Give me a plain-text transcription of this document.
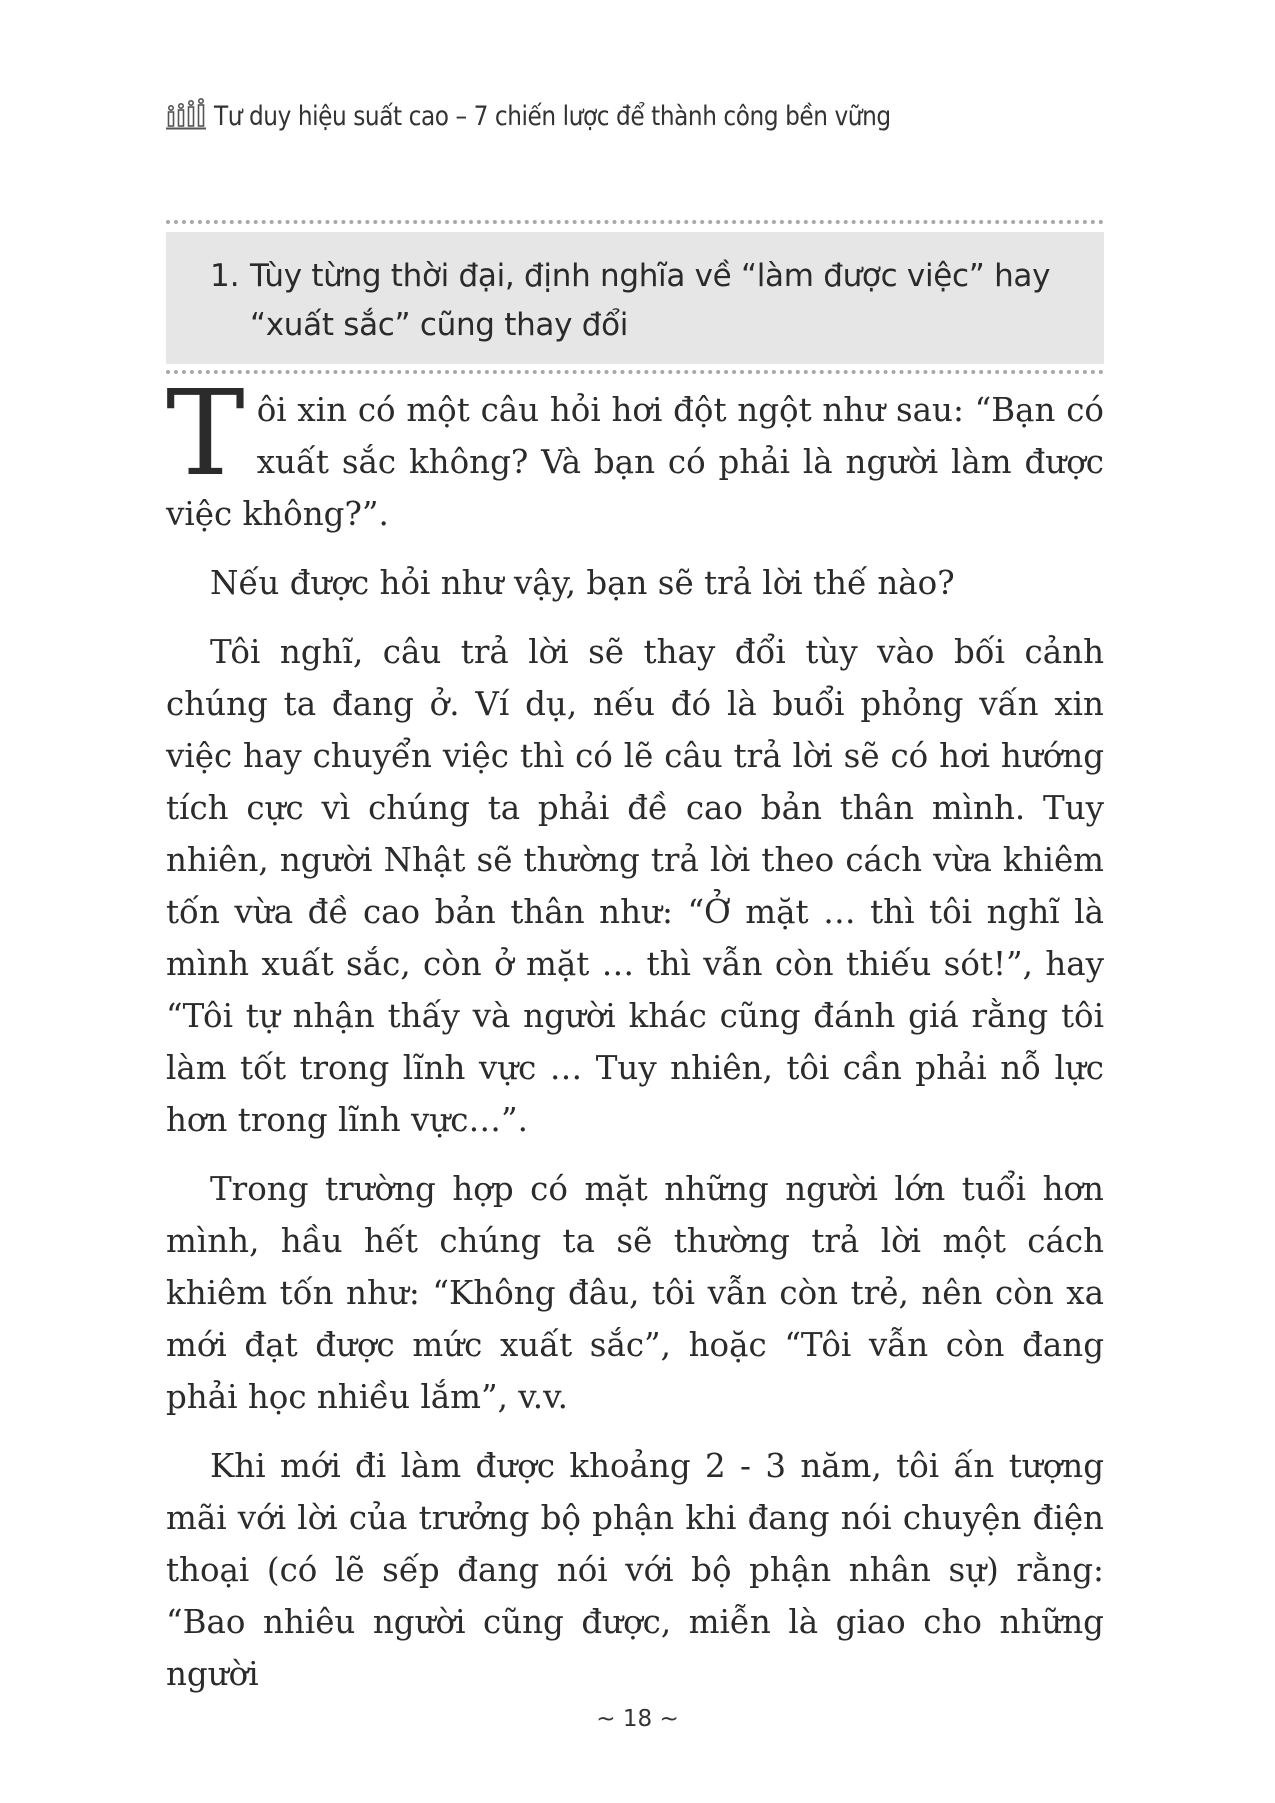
Tư duy hiệu suất cao – 7 chiến lược để thành công bền vững
1. Tùy từng thời đại, định nghĩa về “làm được việc” hay
“xuất sắc” cũng thay đổi

Tôi xin có một câu hỏi hơi đột ngột như sau: “Bạn có xuất sắc không? Và bạn có phải là người làm được việc không?”.

Nếu được hỏi như vậy, bạn sẽ trả lời thế nào?

Tôi nghĩ, câu trả lời sẽ thay đổi tùy vào bối cảnh chúng ta đang ở. Ví dụ, nếu đó là buổi phỏng vấn xin việc hay chuyển việc thì có lẽ câu trả lời sẽ có hơi hướng tích cực vì chúng ta phải đề cao bản thân mình. Tuy nhiên, người Nhật sẽ thường trả lời theo cách vừa khiêm tốn vừa đề cao bản thân như: “Ở mặt … thì tôi nghĩ là mình xuất sắc, còn ở mặt … thì vẫn còn thiếu sót!”, hay “Tôi tự nhận thấy và người khác cũng đánh giá rằng tôi làm tốt trong lĩnh vực … Tuy nhiên, tôi cần phải nỗ lực hơn trong lĩnh vực…”.

Trong trường hợp có mặt những người lớn tuổi hơn mình, hầu hết chúng ta sẽ thường trả lời một cách khiêm tốn như: “Không đâu, tôi vẫn còn trẻ, nên còn xa mới đạt được mức xuất sắc”, hoặc “Tôi vẫn còn đang phải học nhiều lắm”, v.v.

Khi mới đi làm được khoảng 2 - 3 năm, tôi ấn tượng mãi với lời của trưởng bộ phận khi đang nói chuyện điện thoại (có lẽ sếp đang nói với bộ phận nhân sự) rằng: “Bao nhiêu người cũng được, miễn là giao cho những người

~ 18 ~
